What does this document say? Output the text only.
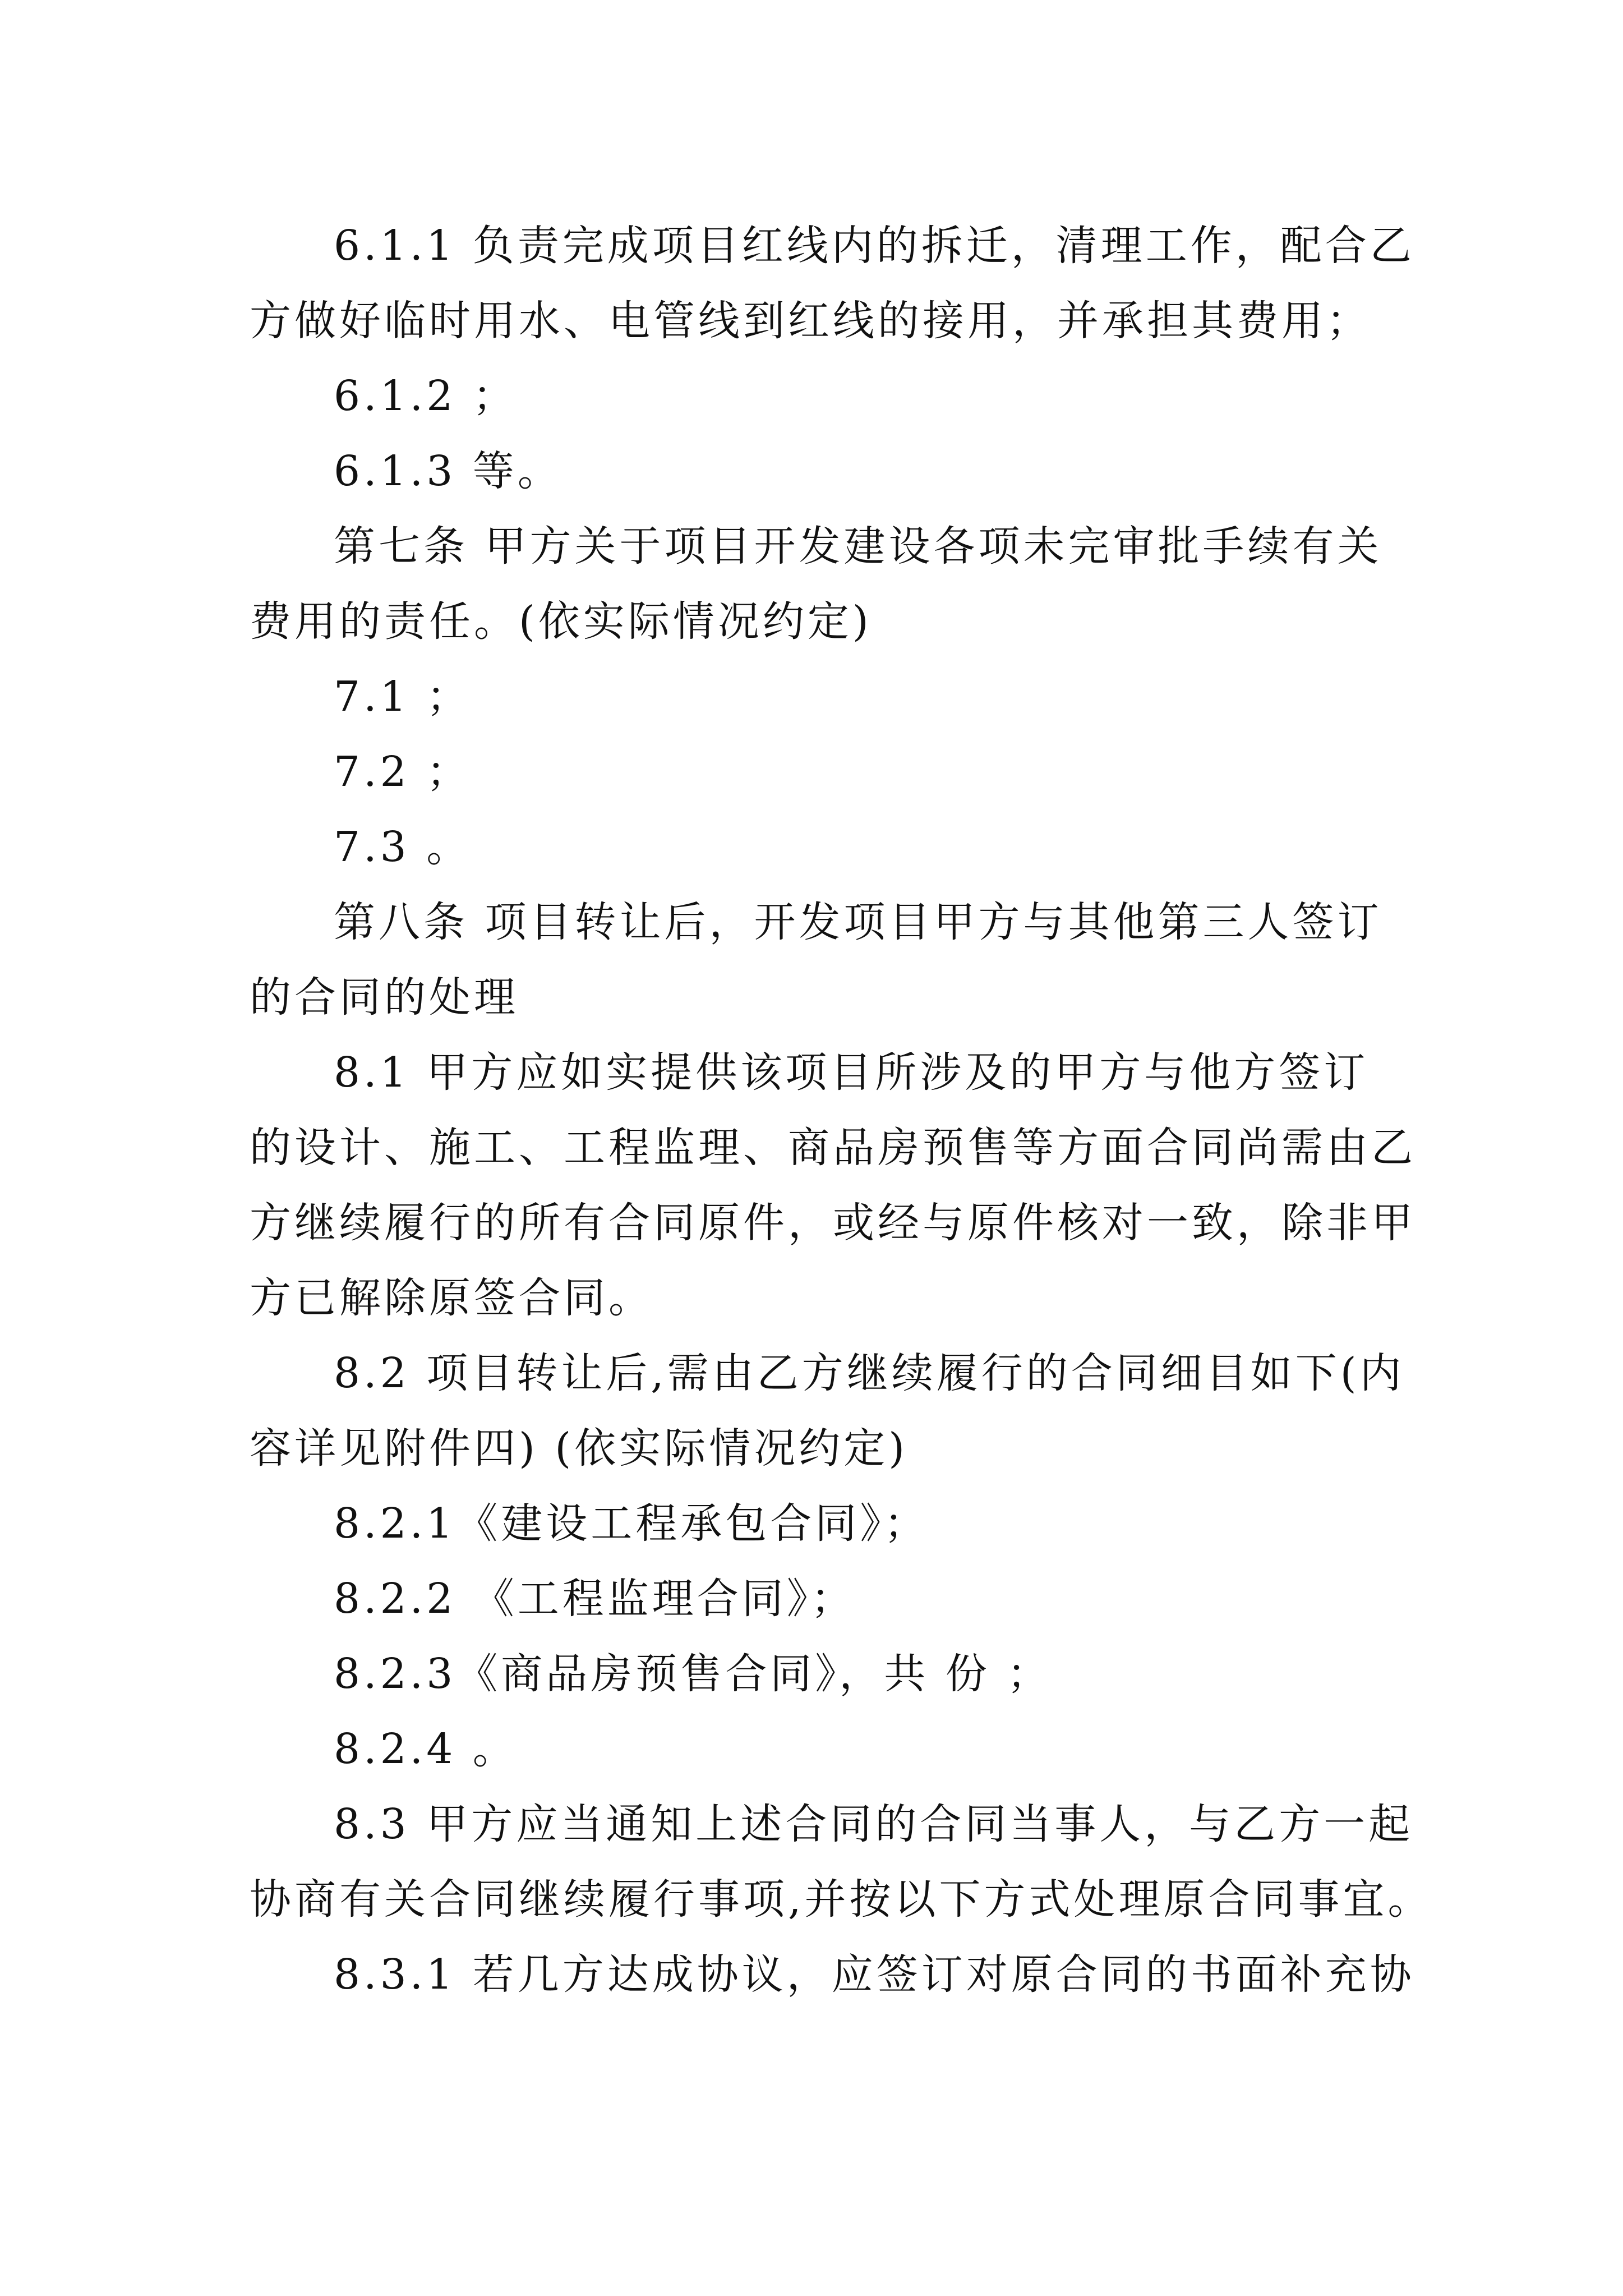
6.1.1 负责完成项目红线内的拆迁，清理工作，配合乙
方做好临时用水、电管线到红线的接用，并承担其费用；
6.1.2 ；
6.1.3 等。
第七条 甲方关于项目开发建设各项未完审批手续有关
费用的责任。(依实际情况约定)
7.1 ；
7.2 ；
7.3 。
第八条 项目转让后，开发项目甲方与其他第三人签订
的合同的处理
8.1 甲方应如实提供该项目所涉及的甲方与他方签订
的设计、施工、工程监理、商品房预售等方面合同尚需由乙
方继续履行的所有合同原件，或经与原件核对一致，除非甲
方已解除原签合同。
8.2 项目转让后,需由乙方继续履行的合同细目如下(内
容详见附件四) (依实际情况约定)
8.2.1《建设工程承包合同》；
8.2.2 《工程监理合同》；
8.2.3《商品房预售合同》，共 份 ；
8.2.4 。
8.3 甲方应当通知上述合同的合同当事人，与乙方一起
协商有关合同继续履行事项,并按以下方式处理原合同事宜。
8.3.1 若几方达成协议，应签订对原合同的书面补充协
